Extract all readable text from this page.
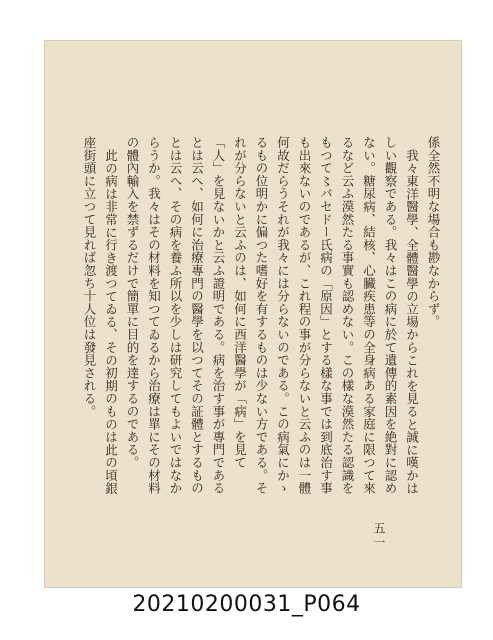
係全然不明な場合も尠なからず。

我々東洋醫學、全體醫學の立場からこれを見ると誠に嘆かはしい觀察である。我々はこの病に於て遺傳的素因を絶對に認めない。糖尿病、結核、心臟疾患等の全身病ある家庭に限つて來るなど云ふ漠然たる事實も認めない。この樣な漠然たる認識をもつて〻バセドー氏病の「原因」とする樣な事では到底治す事も出來ないのであるが、これ程の事が分らないと云ふのは一體何故だらうそれが我々には分らないのである。この病氣にかゝるもの位明かに偏つた嗜好を有するものは少ない方である。それが分らないと云ふのは、如何に西洋醫學が「病」を見て「人」を見ないかと云ふ證明である。病を治す事が專門であるとは云へ、如何に治療專門の醫學を以つてその証體とするものとは云へ、その病を養ふ所以を少しは研究してもよいではなからうか。我々はその材料を知つてゐるから治療は單にその材料の體內輸入を禁ずるだけで簡單に目的を達するのである。

此の病は非常に行き渡つてゐる、その初期のものは此の頃銀座街頭に立つて見れば忽ち十人位は發見される。

五一
20210200031_P064
